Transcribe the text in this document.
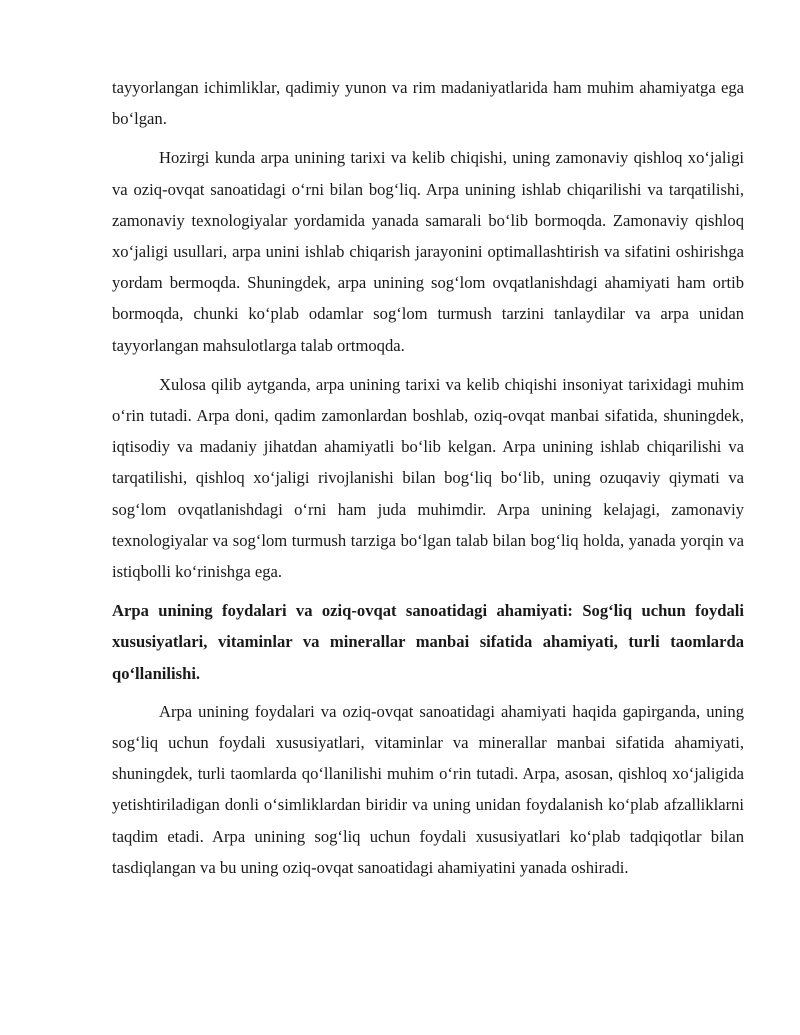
tayyorlangan ichimliklar, qadimiy yunon va rim madaniyatlarida ham muhim ahamiyatga ega bo‘lgan.

Hozirgi kunda arpa unining tarixi va kelib chiqishi, uning zamonaviy qishloq xo‘jaligi va oziq-ovqat sanoatidagi o‘rni bilan bog‘liq. Arpa unining ishlab chiqarilishi va tarqatilishi, zamonaviy texnologiyalar yordamida yanada samarali bo‘lib bormoqda. Zamonaviy qishloq xo‘jaligi usullari, arpa unini ishlab chiqarish jarayonini optimallashtirish va sifatini oshirishga yordam bermoqda. Shuningdek, arpa unining sog‘lom ovqatlanishdagi ahamiyati ham ortib bormoqda, chunki ko‘plab odamlar sog‘lom turmush tarzini tanlaydilar va arpa unidan tayyorlangan mahsulotlarga talab ortmoqda.

Xulosa qilib aytganda, arpa unining tarixi va kelib chiqishi insoniyat tarixidagi muhim o‘rin tutadi. Arpa doni, qadim zamonlardan boshlab, oziq-ovqat manbai sifatida, shuningdek, iqtisodiy va madaniy jihatdan ahamiyatli bo‘lib kelgan. Arpa unining ishlab chiqarilishi va tarqatilishi, qishloq xo‘jaligi rivojlanishi bilan bog‘liq bo‘lib, uning ozuqaviy qiymati va sog‘lom ovqatlanishdagi o‘rni ham juda muhimdir. Arpa unining kelajagi, zamonaviy texnologiyalar va sog‘lom turmush tarziga bo‘lgan talab bilan bog‘liq holda, yanada yorqin va istiqbolli ko‘rinishga ega.

Arpa unining foydalari va oziq-ovqat sanoatidagi ahamiyati: Sog‘liq uchun foydali xususiyatlari, vitaminlar va minerallar manbai sifatida ahamiyati, turli taomlarda qo‘llanilishi.

Arpa unining foydalari va oziq-ovqat sanoatidagi ahamiyati haqida gapirganda, uning sog‘liq uchun foydali xususiyatlari, vitaminlar va minerallar manbai sifatida ahamiyati, shuningdek, turli taomlarda qo‘llanilishi muhim o‘rin tutadi. Arpa, asosan, qishloq xo‘jaligida yetishtiriladigan donli o‘simliklardan biridir va uning unidan foydalanish ko‘plab afzalliklarni taqdim etadi. Arpa unining sog‘liq uchun foydali xususiyatlari ko‘plab tadqiqotlar bilan tasdiqlangan va bu uning oziq-ovqat sanoatidagi ahamiyatini yanada oshiradi.
